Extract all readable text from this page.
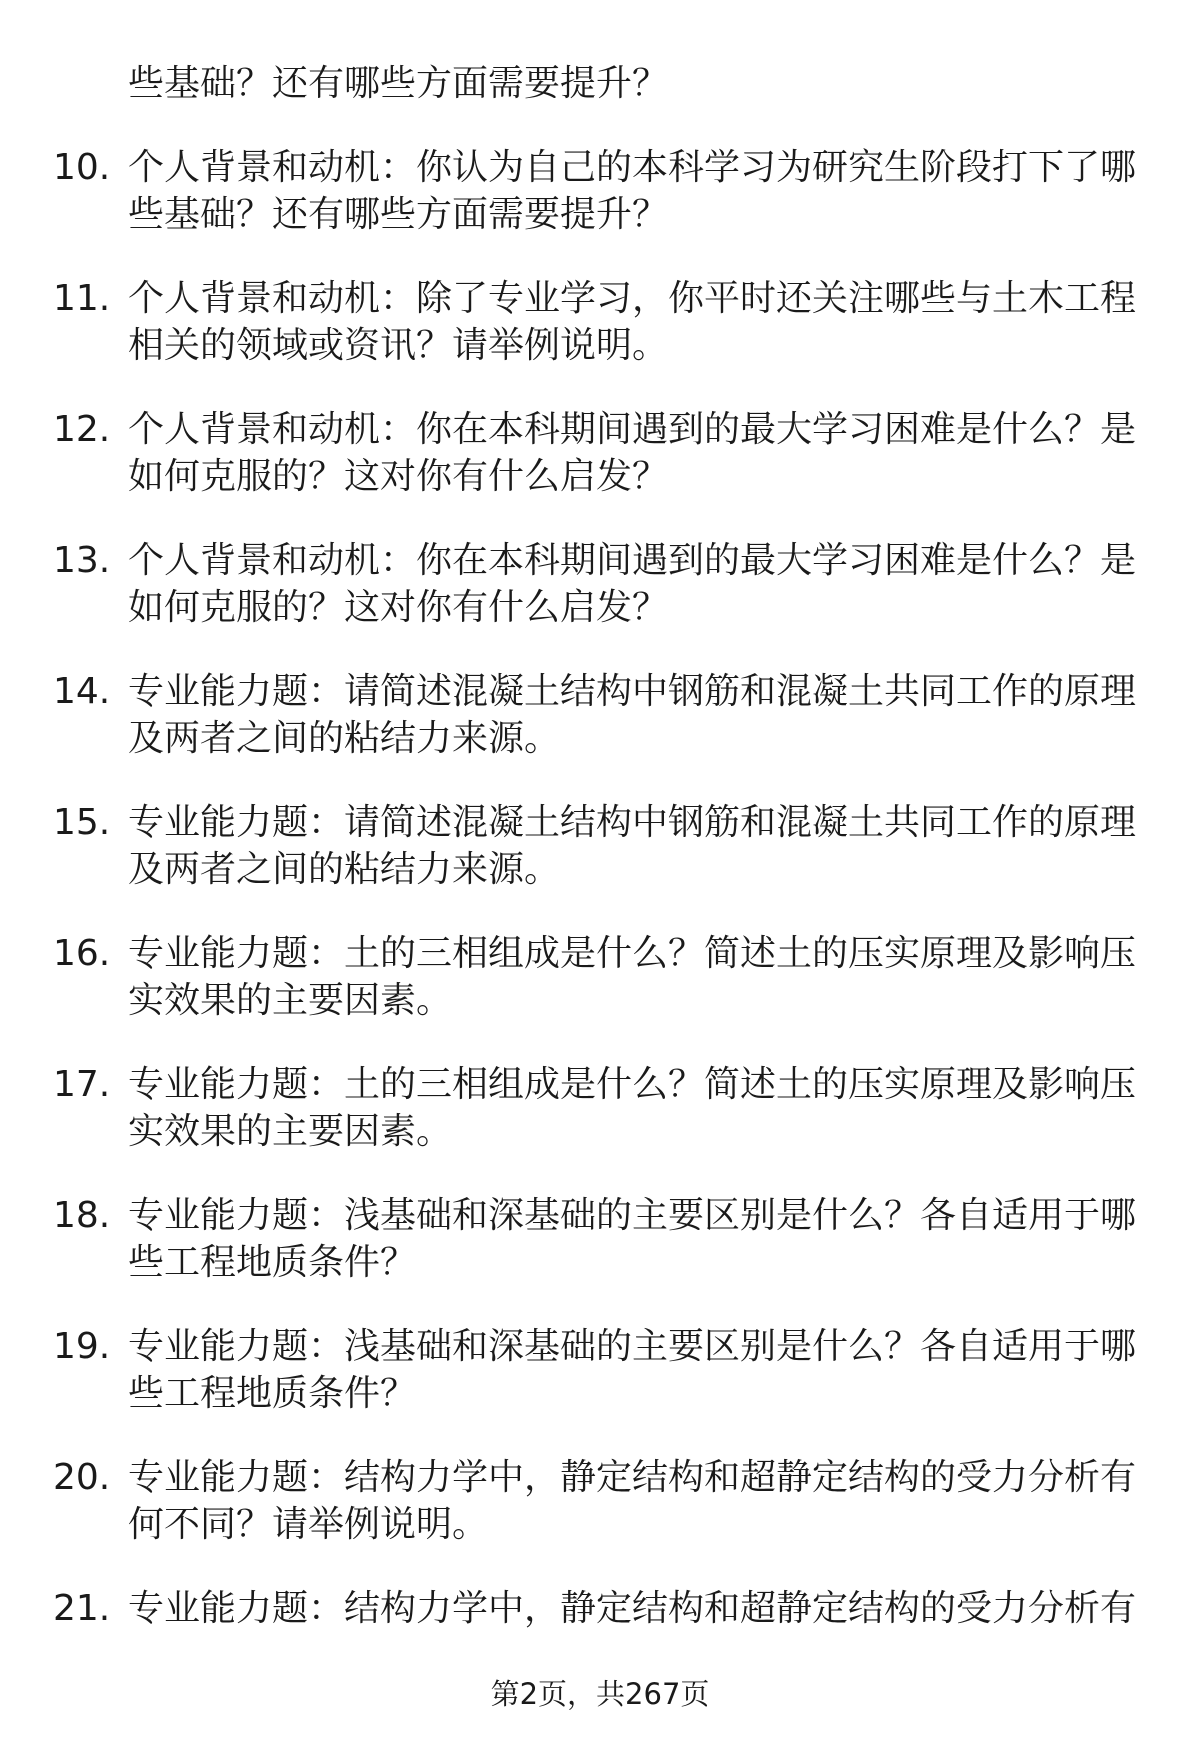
些基础？还有哪些方面需要提升？
10. 个人背景和动机：你认为自己的本科学习为研究生阶段打下了哪
些基础？还有哪些方面需要提升？
11. 个人背景和动机：除了专业学习，你平时还关注哪些与土木工程
相关的领域或资讯？请举例说明。
12. 个人背景和动机：你在本科期间遇到的最大学习困难是什么？是
如何克服的？这对你有什么启发？
13. 个人背景和动机：你在本科期间遇到的最大学习困难是什么？是
如何克服的？这对你有什么启发？
14. 专业能力题：请简述混凝土结构中钢筋和混凝土共同工作的原理
及两者之间的粘结力来源。
15. 专业能力题：请简述混凝土结构中钢筋和混凝土共同工作的原理
及两者之间的粘结力来源。
16. 专业能力题：土的三相组成是什么？简述土的压实原理及影响压
实效果的主要因素。
17. 专业能力题：土的三相组成是什么？简述土的压实原理及影响压
实效果的主要因素。
18. 专业能力题：浅基础和深基础的主要区别是什么？各自适用于哪
些工程地质条件？
19. 专业能力题：浅基础和深基础的主要区别是什么？各自适用于哪
些工程地质条件？
20. 专业能力题：结构力学中，静定结构和超静定结构的受力分析有
何不同？请举例说明。
21. 专业能力题：结构力学中，静定结构和超静定结构的受力分析有
第2页，共267页
